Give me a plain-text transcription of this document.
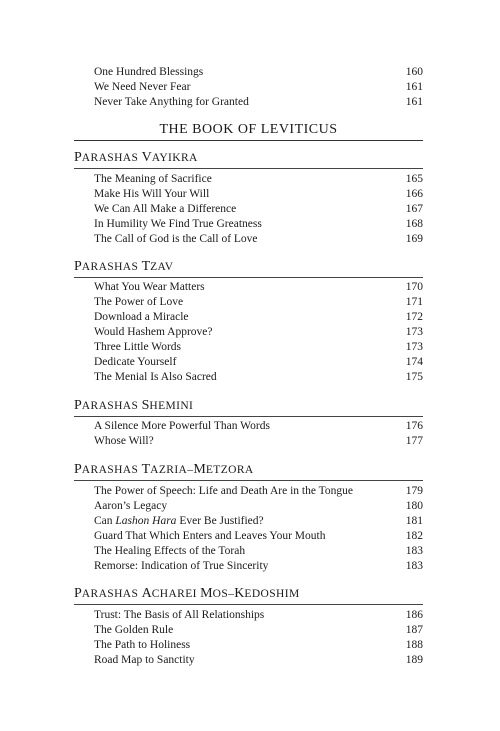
One Hundred Blessings	160
We Need Never Fear	161
Never Take Anything for Granted	161
THE BOOK OF LEVITICUS
PARASHAS VAYIKRA
The Meaning of Sacrifice	165
Make His Will Your Will	166
We Can All Make a Difference	167
In Humility We Find True Greatness	168
The Call of God is the Call of Love	169
PARASHAS TZAV
What You Wear Matters	170
The Power of Love	171
Download a Miracle	172
Would Hashem Approve?	173
Three Little Words	173
Dedicate Yourself	174
The Menial Is Also Sacred	175
PARASHAS SHEMINI
A Silence More Powerful Than Words	176
Whose Will?	177
PARASHAS TAZRIA–METZORA
The Power of Speech: Life and Death Are in the Tongue	179
Aaron’s Legacy	180
Can Lashon Hara Ever Be Justified?	181
Guard That Which Enters and Leaves Your Mouth	182
The Healing Effects of the Torah	183
Remorse: Indication of True Sincerity	183
PARASHAS ACHAREI MOS–KEDOSHIM
Trust: The Basis of All Relationships	186
The Golden Rule	187
The Path to Holiness	188
Road Map to Sanctity	189
